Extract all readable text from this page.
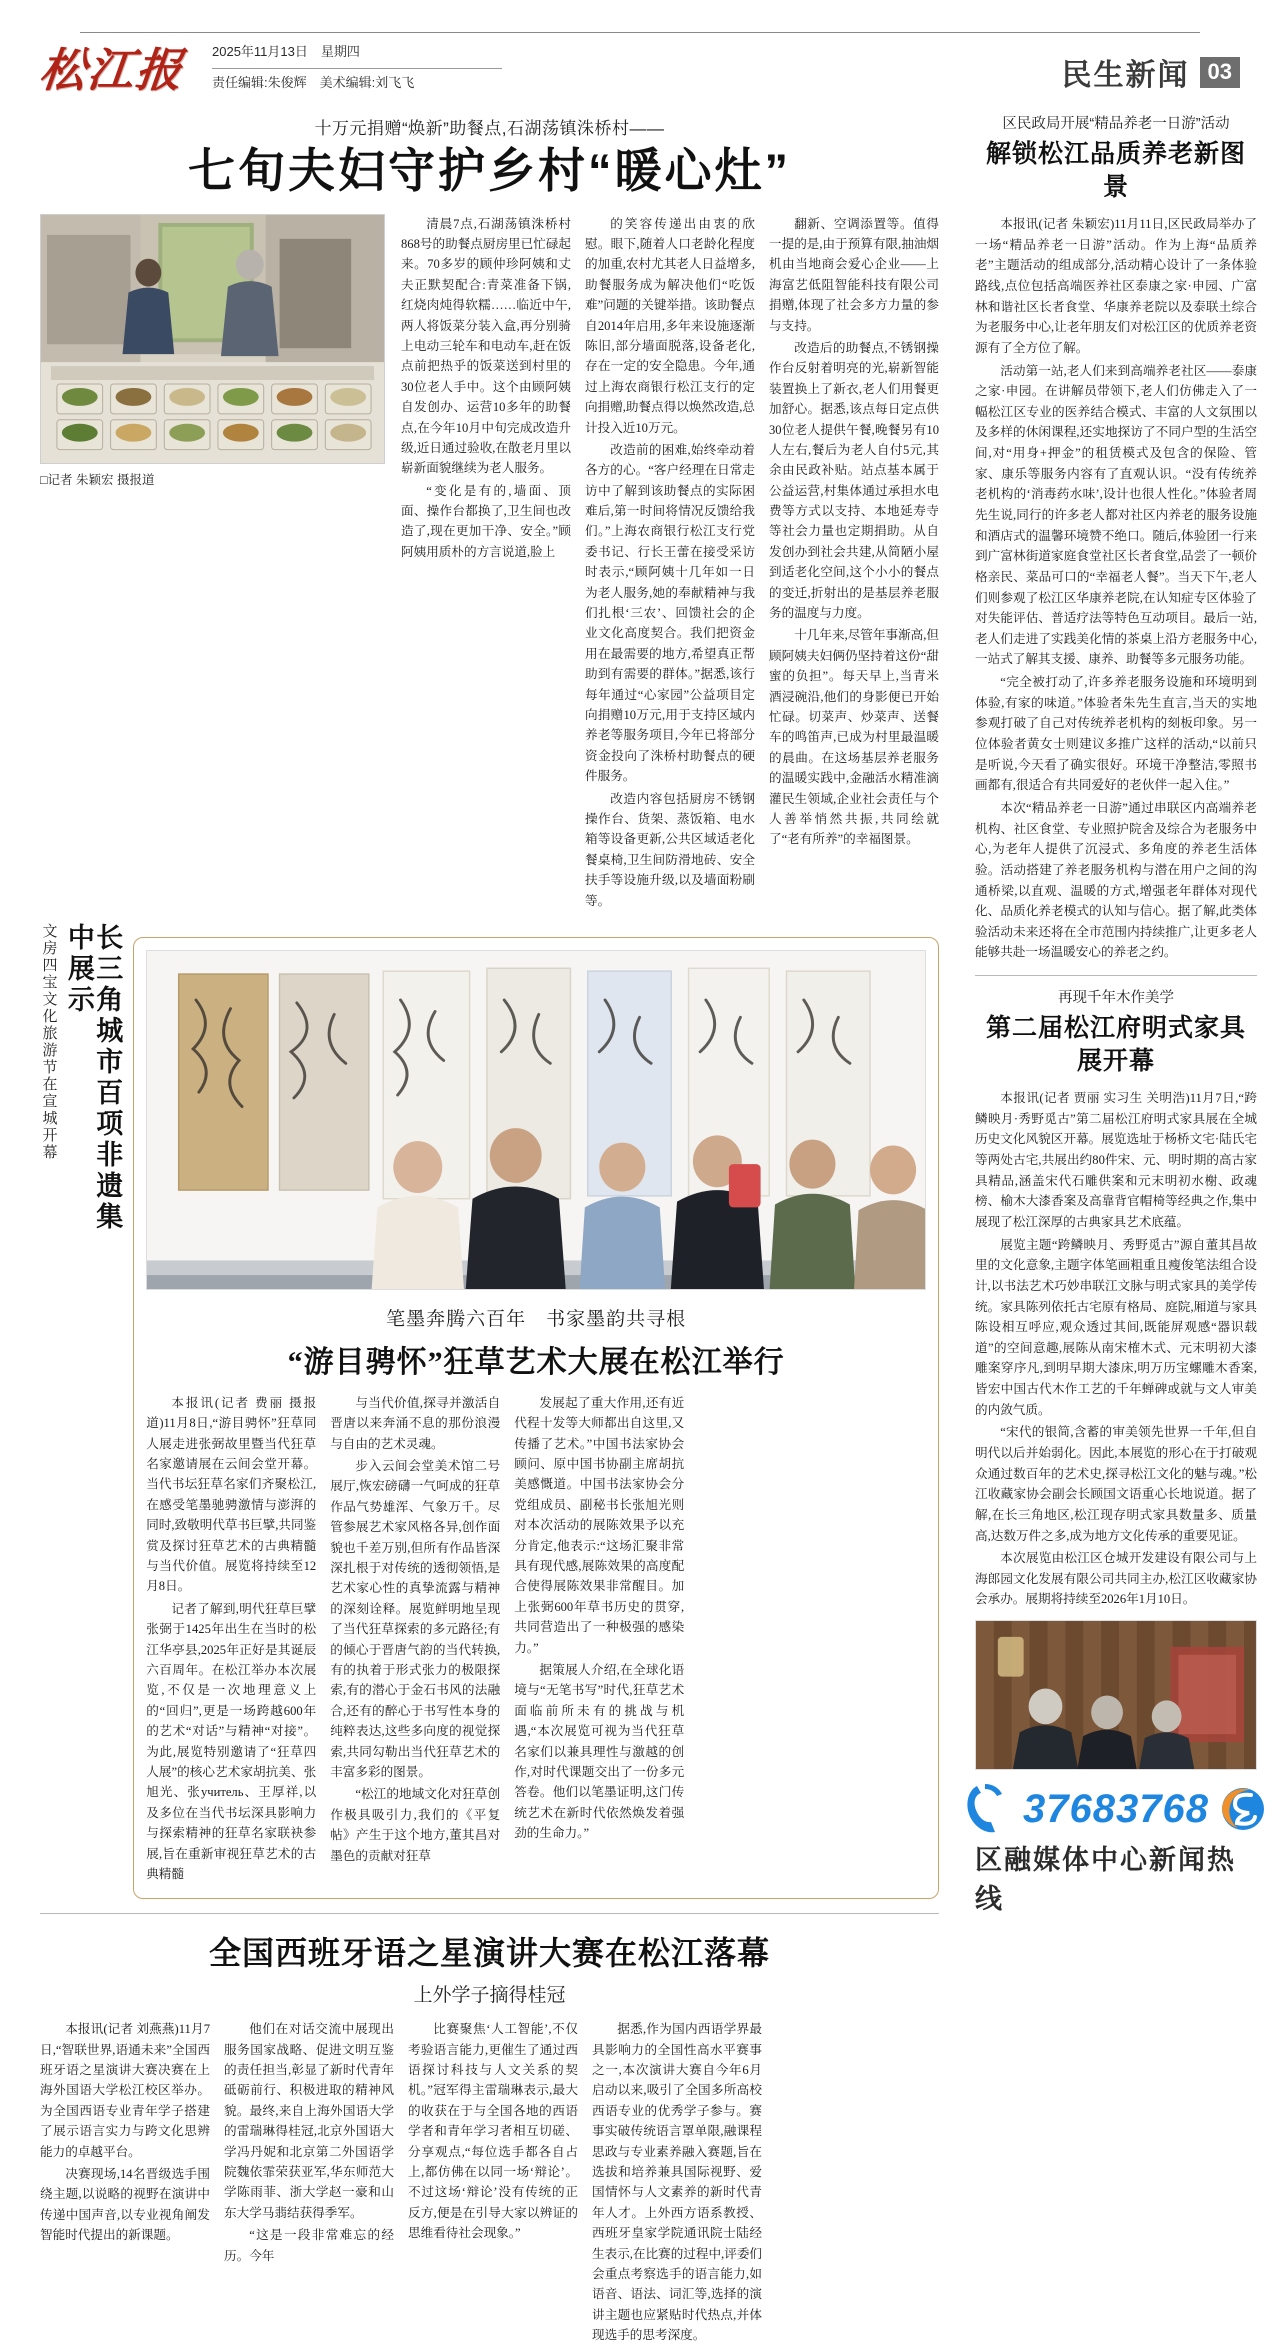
松江报 2025年11月13日　星期四
责任编辑:朱俊辉　美术编辑:刘飞飞	民生新闻 03
十万元捐赠“焕新”助餐点,石湖荡镇洙桥村——
七旬夫妇守护乡村“暖心灶”
□记者 朱颖宏 摄报道

清晨7点,石湖荡镇洙桥村868号的助餐点厨房里已忙碌起来。70多岁的顾仲珍阿姨和丈夫正默契配合:青菜准备下锅,红烧肉炖得软糯……临近中午,两人将饭菜分装入盒,再分别骑上电动三轮车和电动车,赶在饭点前把热乎的饭菜送到村里的30位老人手中。这个由顾阿姨自发创办、运营10多年的助餐点,在今年10月中旬完成改造升级,近日通过验收,在散老月里以崭新面貌继续为老人服务。

“变化是有的,墙面、顶面、操作台都换了,卫生间也改造了,现在更加干净、安全。”顾阿姨用质朴的方言说道,脸上

的笑容传递出由衷的欣慰。眼下,随着人口老龄化程度的加重,农村尤其老人日益增多,助餐服务成为解决他们“吃饭难”问题的关键举措。该助餐点自2014年启用,多年来设施逐渐陈旧,部分墙面脱落,设备老化,存在一定的安全隐患。今年,通过上海农商银行松江支行的定向捐赠,助餐点得以焕然改造,总计投入近10万元。

改造前的困难,始终牵动着各方的心。“客户经理在日常走访中了解到该助餐点的实际困难后,第一时间将情况反馈给我们。”上海农商银行松江支行党委书记、行长王蕾在接受采访时表示,“顾阿姨十几年如一日为老人服务,她的奉献精神与我们扎根‘三农’、回馈社会的企业文化高度契合。我们把资金用在最需要的地方,希望真正帮助到有需要的群体。”据悉,该行每年通过“心家园”公益项目定向捐赠10万元,用于支持区域内养老等服务项目,今年已将部分资金投向了洙桥村助餐点的硬件服务。

改造内容包括厨房不锈钢操作台、货架、蒸饭箱、电水箱等设备更新,公共区域适老化餐桌椅,卫生间防滑地砖、安全扶手等设施升级,以及墙面粉刷等。

翻新、空调添置等。值得一提的是,由于预算有限,抽油烟机由当地商会爱心企业——上海富艺低阻智能科技有限公司捐赠,体现了社会多方力量的参与支持。

改造后的助餐点,不锈钢操作台反射着明亮的光,崭新智能装置换上了新衣,老人们用餐更加舒心。据悉,该点每日定点供30位老人提供午餐,晚餐另有10人左右,餐后为老人自付5元,其余由民政补贴。站点基本属于公益运营,村集体通过承担水电费等方式以支持、本地延寿寺等社会力量也定期捐助。从自发创办到社会共建,从简陋小屋到适老化空间,这个小小的餐点的变迁,折射出的是基层养老服务的温度与力度。

十几年来,尽管年事渐高,但顾阿姨夫妇俩仍坚持着这份“甜蜜的负担”。每天早上,当青米酒浸碗沿,他们的身影便已开始忙碌。切菜声、炒菜声、送餐车的鸣笛声,已成为村里最温暖的晨曲。在这场基层养老服务的温暖实践中,金融活水精准滴灌民生领域,企业社会责任与个人善举悄然共振,共同绘就了“老有所养”的幸福图景。

长三角城市百项非遗集中展示
文房四宝文化旅游节在宣城开幕
笔墨奔腾六百年　书家墨韵共寻根
“游目骋怀”狂草艺术大展在松江举行

本报讯(记者 费丽 摄报道)11月8日,“游目骋怀”狂草同人展走进张弼故里暨当代狂草名家邀请展在云间会堂开幕。当代书坛狂草名家们齐聚松江,在感受笔墨驰骋激情与澎湃的同时,致敬明代草书巨擘,共同鉴赏及探讨狂草艺术的古典精髓与当代价值。展览将持续至12月8日。

记者了解到,明代狂草巨擘张弼于1425年出生在当时的松江华亭县,2025年正好是其诞辰六百周年。在松江举办本次展览,不仅是一次地理意义上的“回归”,更是一场跨越600年的艺术“对话”与精神“对接”。为此,展览特别邀请了“狂草四人展”的核心艺术家胡抗美、张旭光、张учитель、王厚祥,以及多位在当代书坛深具影响力与探索精神的狂草名家联袂参展,旨在重新审视狂草艺术的古典精髓

与当代价值,探寻并激活自晋唐以来奔涌不息的那份浪漫与自由的艺术灵魂。

步入云间会堂美术馆二号展厅,恢宏磅礴一气呵成的狂草作品气势雄浑、气象万千。尽管参展艺术家风格各异,创作面貌也千差万别,但所有作品皆深深扎根于对传统的透彻领悟,是艺术家心性的真挚流露与精神的深刻诠释。展览鲜明地呈现了当代狂草探索的多元路径;有的倾心于晋唐气韵的当代转换,有的执着于形式张力的极限探索,有的潜心于金石书风的法融合,还有的醉心于书写性本身的纯粹表达,这些多向度的视觉探索,共同勾勒出当代狂草艺术的丰富多彩的图景。

“松江的地域文化对狂草创作极具吸引力,我们的《平复帖》产生于这个地方,董其昌对墨色的贡献对狂草

发展起了重大作用,还有近代程十发等大师都出自这里,又传播了艺术。”中国书法家协会顾问、原中国书协副主席胡抗美感慨道。中国书法家协会分党组成员、副秘书长张旭光则对本次活动的展陈效果予以充分肯定,他表示:“这场汇聚非常具有现代感,展陈效果的高度配合使得展陈效果非常醒目。加上张弼600年草书历史的贯穿,共同营造出了一种极强的感染力。”

据策展人介绍,在全球化语境与“无笔书写”时代,狂草艺术面临前所未有的挑战与机遇,“本次展览可视为当代狂草名家们以兼具理性与激越的创作,对时代课题交出了一份多元答卷。他们以笔墨证明,这门传统艺术在新时代依然焕发着强劲的生命力。”

全国西班牙语之星演讲大赛在松江落幕
上外学子摘得桂冠

本报讯(记者 刘燕燕)11月7日,“智联世界,语通未来”全国西班牙语之星演讲大赛决赛在上海外国语大学松江校区举办。为全国西语专业青年学子搭建了展示语言实力与跨文化思辨能力的卓越平台。

决赛现场,14名晋级选手围绕主题,以说略的视野在演讲中传递中国声音,以专业视角阐发智能时代提出的新课题。

他们在对话交流中展现出服务国家战略、促进文明互鉴的责任担当,彰显了新时代青年砥砺前行、积极进取的精神风貌。最终,来自上海外国语大学的雷瑞琳得桂冠,北京外国语大学冯丹妮和北京第二外国语学院魏依霏荣获亚军,华东师范大学陈雨菲、浙大学赵一豪和山东大学马翡结获得季军。

“这是一段非常难忘的经历。今年

比赛聚焦‘人工智能’,不仅考验语言能力,更催生了通过西语探讨科技与人文关系的契机。”冠军得主雷瑞琳表示,最大的收获在于与全国各地的西语学者和青年学习者相互切磋、分享观点,“每位选手都各自占上,都仿佛在以同一场‘辩论’。不过这场‘辩论’没有传统的正反方,便是在引导大家以辨证的思维看待社会现象。”

据悉,作为国内西语学界最具影响力的全国性高水平赛事之一,本次演讲大赛自今年6月启动以来,吸引了全国多所高校西语专业的优秀学子参与。赛事实破传统语言罩单限,融课程思政与专业素养融入赛题,旨在选拔和培养兼具国际视野、爱国情怀与人文素养的新时代青年人才。上外西方语系教授、西班牙皇家学院通讯院士陆经生表示,在比赛的过程中,评委们会重点考察选手的语言能力,如语音、语法、词汇等,选择的演讲主题也应紧贴时代热点,并体现选手的思考深度。

区民政局开展“精品养老一日游”活动
解锁松江品质养老新图景

本报讯(记者 朱颖宏)11月11日,区民政局举办了一场“精品养老一日游”活动。作为上海“品质养老”主题活动的组成部分,活动精心设计了一条体验路线,点位包括高端医养社区泰康之家·申园、广富林和谐社区长者食堂、华康养老院以及泰联土综合为老服务中心,让老年朋友们对松江区的优质养老资源有了全方位了解。

活动第一站,老人们来到高端养老社区——泰康之家·申园。在讲解员带领下,老人们仿佛走入了一幅松江区专业的医养结合模式、丰富的人文氛围以及多样的休闲课程,还实地探访了不同户型的生活空间,对“用身+押金”的租赁模式及包含的保险、管家、康乐等服务内容有了直观认识。“没有传统养老机构的‘消毒药水味’,设计也很人性化。”体验者周先生说,同行的许多老人都对社区内养老的服务设施和酒店式的温馨环境赞不绝口。随后,体验团一行来到广富林街道家庭食堂社区长者食堂,品尝了一顿价格亲民、菜品可口的“幸福老人餐”。当天下午,老人们则参观了松江区华康养老院,在认知症专区体验了对失能评估、普适疗法等特色互动项目。最后一站,老人们走进了实践美化情的茶桌上沿方老服务中心,一站式了解其支援、康养、助餐等多元服务功能。

“完全被打动了,许多养老服务设施和环境明到体验,有家的味道。”体验者朱先生直言,当天的实地参观打破了自己对传统养老机构的刻板印象。另一位体验者黄女士则建议多推广这样的活动,“以前只是听说,今天看了确实很好。环境干净整洁,零照书画都有,很适合有共同爱好的老伙伴一起入住。”

本次“精品养老一日游”通过串联区内高端养老机构、社区食堂、专业照护院舍及综合为老服务中心,为老年人提供了沉浸式、多角度的养老生活体验。活动搭建了养老服务机构与潜在用户之间的沟通桥梁,以直观、温暖的方式,增强老年群体对现代化、品质化养老模式的认知与信心。据了解,此类体验活动未来还将在全市范围内持续推广,让更多老人能够共赴一场温暖安心的养老之约。

再现千年木作美学
第二届松江府明式家具展开幕

本报讯(记者 贾丽 实习生 关明浩)11月7日,“跨鳞映月·秀野觅古”第二届松江府明式家具展在全城历史文化风貌区开幕。展览选址于杨桥文宅·陆氏宅等两处古宅,共展出约80件宋、元、明时期的高古家具精品,涵盖宋代石雕供案和元末明初水榭、政魂榜、榆木大漆香案及高靠背官帽椅等经典之作,集中展现了松江深厚的古典家具艺术底蕴。

展览主题“跨鳞映月、秀野觅古”源自董其昌故里的文化意象,主题字体笔画粗重且瘦俊笔法组合设计,以书法艺术巧妙串联江文脉与明式家具的美学传统。家具陈列依托古宅原有格局、庭院,厢道与家具陈设相互呼应,观众透过其间,既能屏观感“器识载道”的空间意趣,展陈从南宋榷木式、元末明初大漆雕案穿序凡,到明早期大漆床,明万历宝螺雕木香案,皆宏中国古代木作工艺的千年蝉碑或就与文人审美的内敛气质。

“宋代的银简,含蓄的审美领先世界一千年,但自明代以后并始弱化。因此,本展览的形心在于打破观众通过数百年的艺术史,探寻松江文化的魅与魂。”松江收藏家协会副会长顾国文语重心长地说道。据了解,在长三角地区,松江现存明式家具数量多、质量高,达数万件之多,成为地方文化传承的重要见证。

本次展览由松江区仓城开发建设有限公司与上海郎园文化发展有限公司共同主办,松江区收藏家协会承办。展期将持续至2026年1月10日。

37683768
区融媒体中心新闻热线
